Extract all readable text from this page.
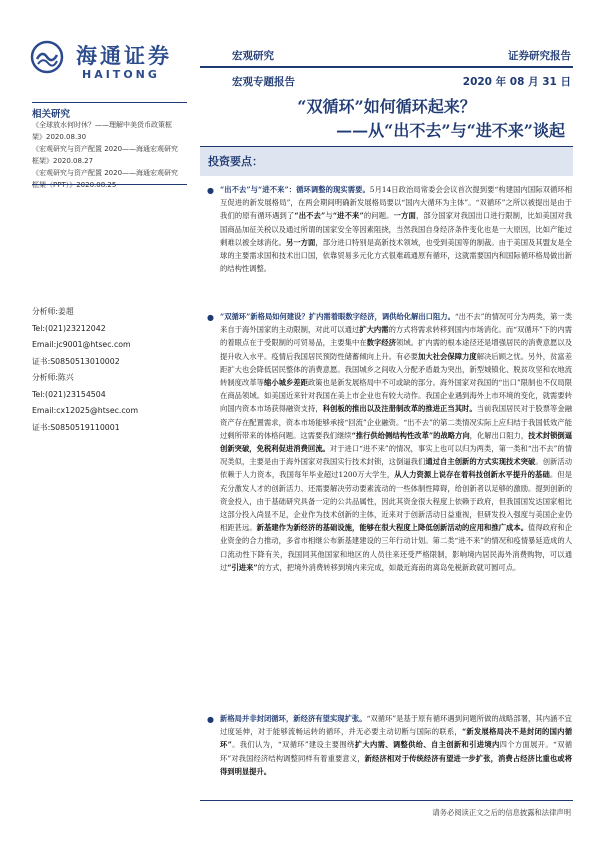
海通证券
HAITONG
宏观研究	证券研究报告
宏观专题报告	2020 年 08 月 31 日
“双循环”如何循环起来？
——从“出不去”与“进不来”谈起
相关研究
《全球放水何时休？——理解中美货币政策框架》2020.08.30
《宏观研究与资产配置 2020——海通宏观研究框架》2020.08.27
《宏观研究与资产配置 2020——海通宏观研究
分析师:姜超
Tel:(021)23212042
Email:jc9001@htsec.com
证书:S0850513010002
分析师:陈兴
Tel:(021)23154504
Email:cx12025@htsec.com
证书:S0850519110001
投资要点：
● “出不去”与“进不来”：循环调整的现实需要。5月14日政治局常委会会议首次提到要“构建国内国际双循环相互促进的新发展格局”，在两会期间明确新发展格局要以“国内大循环为主体”。“双循环”之所以被提出是由于我们的原有循环遇到了“出不去”与“进不来”的问题。一方面，部分国家对我国出口进行限制，比如美国对我国商品加征关税以及通过所谓的国家安全等因素阻挠，当然我国自身经济条件变化也是一大原因，比如产能过剩难以被全球消化。另一方面，部分进口特别是高新技术领域，也受到美国等的制裁。由于美国及其盟友是全球的主要需求国和技术出口国，依靠贸易多元化方式很难疏通原有循环，这就需要国内和国际循环格局做出新的结构性调整。
● “双循环”新格局如何建设？扩内需着眼数字经济，调供给化解出口阻力。“出不去”的情况可分为两类，第一类来自于海外国家的主动限制，对此可以通过扩大内需的方式将需求转移到国内市场消化。而“双循环”下的内需的着眼点在于受限制的可贸易品，主要集中在数字经济领域。扩内需的根本途径还是增强居民的消费意愿以及提升收入水平。疫情后我国居民预防性储蓄倾向上升。有必要加大社会保障力度解决后顾之忧。另外，贫富差距扩大也会降低居民整体的消费意愿。我国城乡之间收入分配矛盾最为突出，新型城镇化、脱贫攻坚和农地流转制度改革等缩小城乡差距政策也是新发展格局中不可或缺的部分。海外国家对我国的“出口”限制也不仅局限在商品领域。如美国近来针对我国在美上市企业也有较大动作。我国企业遇到海外上市环境的变化，就需要转向国内资本市场获得融资支持，科创板的推出以及注册制改革的推进正当其时。当前我国居民对于股票等金融资产存在配置需求，资本市场能够承接“回流”企业融资。“出不去”的第二类情况实际上应归结于我国低效产能过剩所带来的体格问题。这需要我们继续“推行供给侧结构性改革”的战略方向，化解出口阻力，技术封锁倒逼创新突破，免税利促进消费回流。对于进口“进不来”的情况，事实上也可以归为两类，第一类和“出不去”的情况类似，主要是由于海外国家对我国实行技术封锁，这倒逼我们通过自主创新的方式实现技术突破。创新活动依赖于人力资本，我国每年毕业超过1200万大学生，从人力资源上说存在着科技创新水平提升的基础。但是充分激发人才的创新活力、还需要解决劳动要素流动的一些体制性障碍，给创新者以足够的激励。提到创新的资金投入，由于基础研究具备一定的公共品属性，因此其资金很大程度上依赖于政府，但我国国发达国家相比这部分投入尚显不足，企业作为技术创新的主体，近来对于创新活动日益重视，但研发投入强度与美国企业仍相距甚远。新基建作为新经济的基础设施，能够在很大程度上降低创新活动的应用和推广成本。值得政府和企业资金的合力推动，多省市相继公布新基建建设的三年行动计划。第二类“进不来”的情况和疫情暴延造成的人口流动性下降有关，我国同其他国家和地区的人员往来还受严格限制，影响境内居民海外消费购物，可以通过“引进来”的方式，把境外消费转移到境内来完成，如最近海南的离岛免税新政就可圆可点。
● 新格局并非封闭循环，新经济有望实现扩张。“双循环”是基于原有循环遇到问题所做的战略部署，其内涵不宜过度延伸，对于能够流畅运转的循环，并无必要主动切断与国际的联系，“新发展格局决不是封闭的国内循环”。我们认为，“双循环”建设主要围绕扩大内需、调整供给、自主创新和引进境内四个方面展开。“双循环”对我国经济结构调整同样有着重要意义，新经济相对于传统经济有望进一步扩张，消费占经济比重也或将得到明显提升。
请务必阅读正文之后的信息披露和法律声明
